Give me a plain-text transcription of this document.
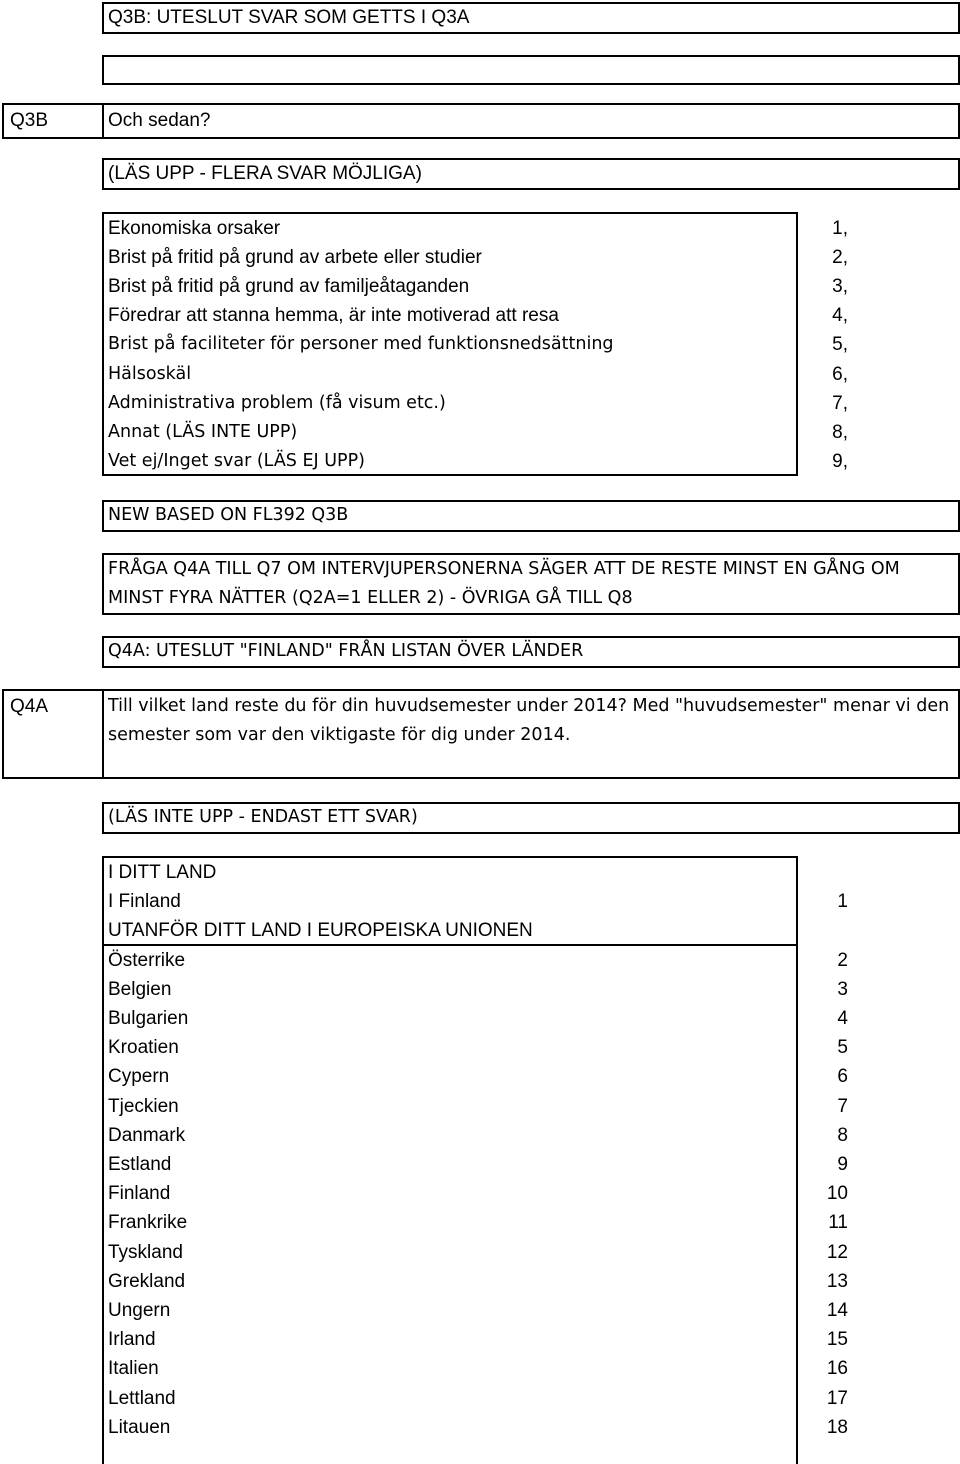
Q3B: UTESLUT SVAR SOM GETTS I Q3A
Q3B	Och sedan?
(LÄS UPP - FLERA SVAR MÖJLIGA)
Ekonomiska orsaker	1,
Brist på fritid på grund av arbete eller studier	2,
Brist på fritid på grund av familjeåtaganden	3,
Föredrar att stanna hemma, är inte motiverad att resa	4,
Brist på faciliteter för personer med funktionsnedsättning	5,
Hälsoskäl	6,
Administrativa problem (få visum etc.)	7,
Annat (LÄS INTE UPP)	8,
Vet ej/Inget svar (LÄS EJ UPP)	9,
NEW BASED ON FL392 Q3B
FRÅGA Q4A TILL Q7 OM INTERVJUPERSONERNA SÄGER ATT DE RESTE MINST EN GÅNG OM MINST FYRA NÄTTER (Q2A=1 ELLER 2) - ÖVRIGA GÅ TILL Q8
Q4A: UTESLUT "FINLAND" FRÅN LISTAN ÖVER LÄNDER
Q4A	Till vilket land reste du för din huvudsemester under 2014? Med "huvudsemester" menar vi den semester som var den viktigaste för dig under 2014.
(LÄS INTE UPP - ENDAST ETT SVAR)
I DITT LAND
I Finland	1
UTANFÖR DITT LAND I EUROPEISKA UNIONEN
Österrike	2
Belgien	3
Bulgarien	4
Kroatien	5
Cypern	6
Tjeckien	7
Danmark	8
Estland	9
Finland	10
Frankrike	11
Tyskland	12
Grekland	13
Ungern	14
Irland	15
Italien	16
Lettland	17
Litauen	18
